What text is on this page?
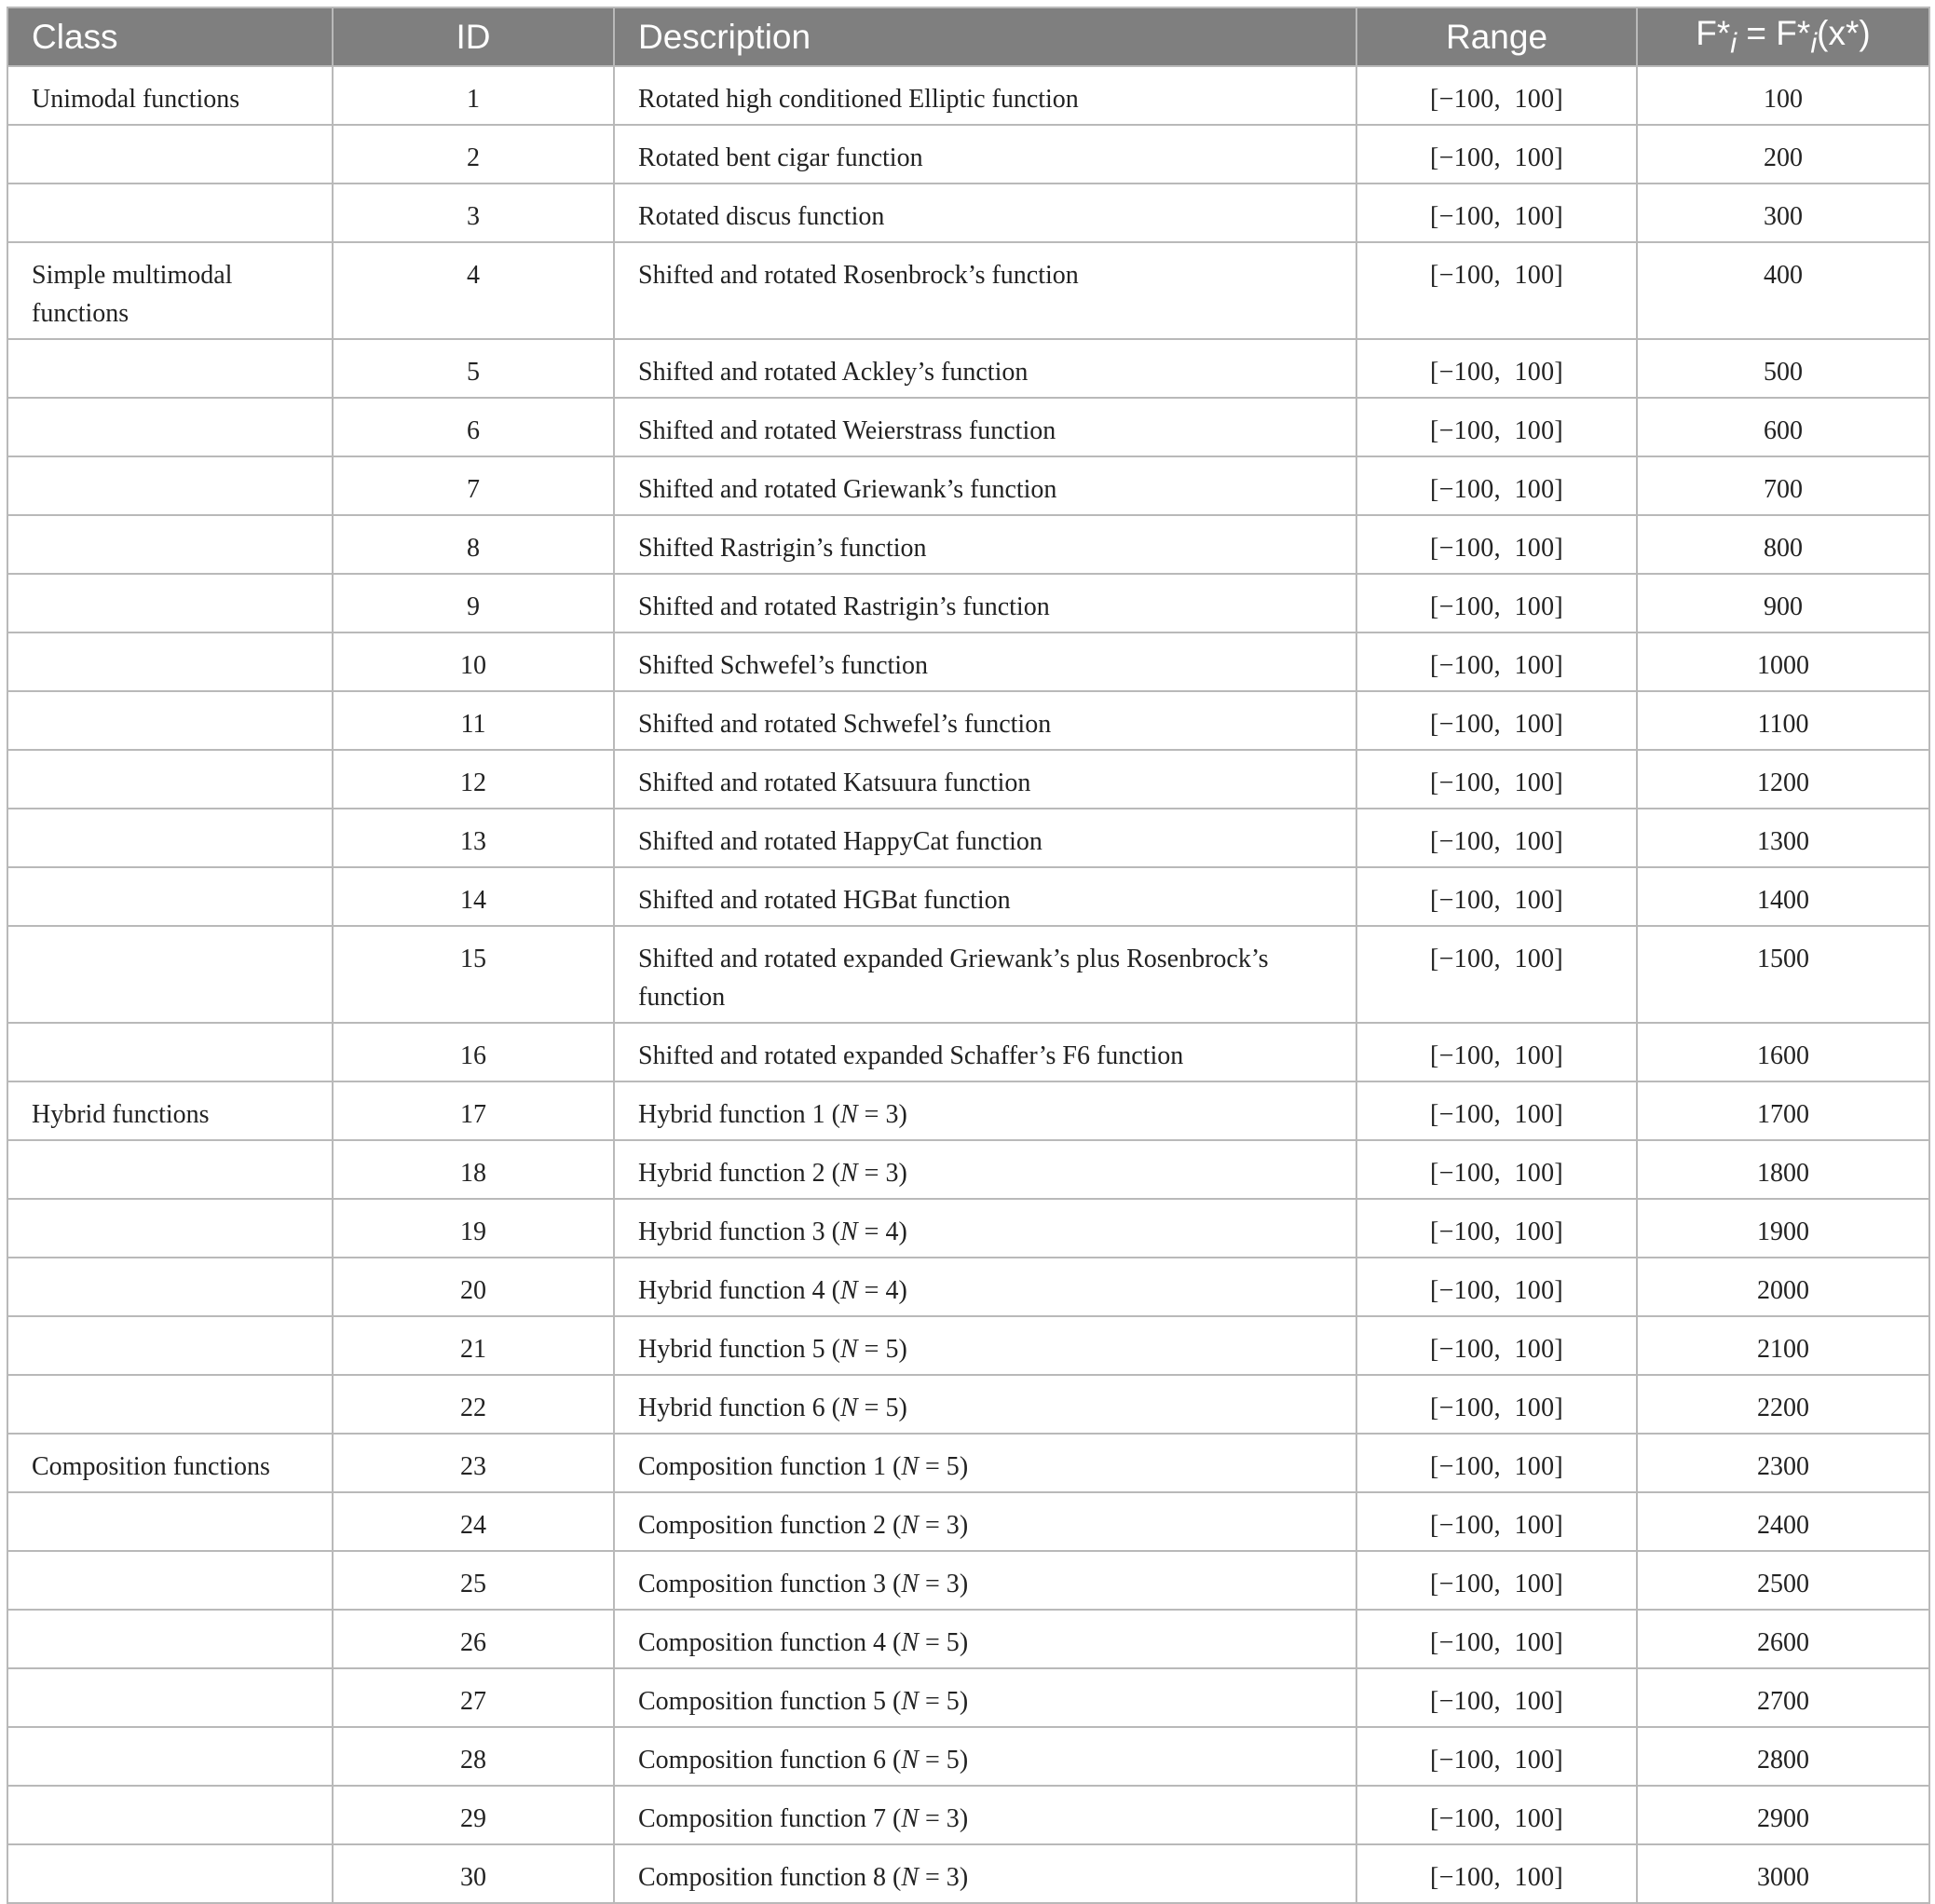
Class	ID	Description	Range	$F*_i = F*_i(x*)$
Unimodal functions	1	Rotated high conditioned Elliptic function	[−100,  100]	100
	2	Rotated bent cigar function	[−100,  100]	200
	3	Rotated discus function	[−100,  100]	300
Simple multimodal functions	4	Shifted and rotated Rosenbrock’s function	[−100,  100]	400
	5	Shifted and rotated Ackley’s function	[−100,  100]	500
	6	Shifted and rotated Weierstrass function	[−100,  100]	600
	7	Shifted and rotated Griewank’s function	[−100,  100]	700
	8	Shifted Rastrigin’s function	[−100,  100]	800
	9	Shifted and rotated Rastrigin’s function	[−100,  100]	900
	10	Shifted Schwefel’s function	[−100,  100]	1000
	11	Shifted and rotated Schwefel’s function	[−100,  100]	1100
	12	Shifted and rotated Katsuura function	[−100,  100]	1200
	13	Shifted and rotated HappyCat function	[−100,  100]	1300
	14	Shifted and rotated HGBat function	[−100,  100]	1400
	15	Shifted and rotated expanded Griewank’s plus Rosenbrock’s function	[−100,  100]	1500
	16	Shifted and rotated expanded Schaffer’s F6 function	[−100,  100]	1600
Hybrid functions	17	Hybrid function 1 (N = 3)	[−100,  100]	1700
	18	Hybrid function 2 (N = 3)	[−100,  100]	1800
	19	Hybrid function 3 (N = 4)	[−100,  100]	1900
	20	Hybrid function 4 (N = 4)	[−100,  100]	2000
	21	Hybrid function 5 (N = 5)	[−100,  100]	2100
	22	Hybrid function 6 (N = 5)	[−100,  100]	2200
Composition functions	23	Composition function 1 (N = 5)	[−100,  100]	2300
	24	Composition function 2 (N = 3)	[−100,  100]	2400
	25	Composition function 3 (N = 3)	[−100,  100]	2500
	26	Composition function 4 (N = 5)	[−100,  100]	2600
	27	Composition function 5 (N = 5)	[−100,  100]	2700
	28	Composition function 6 (N = 5)	[−100,  100]	2800
	29	Composition function 7 (N = 3)	[−100,  100]	2900
	30	Composition function 8 (N = 3)	[−100,  100]	3000
